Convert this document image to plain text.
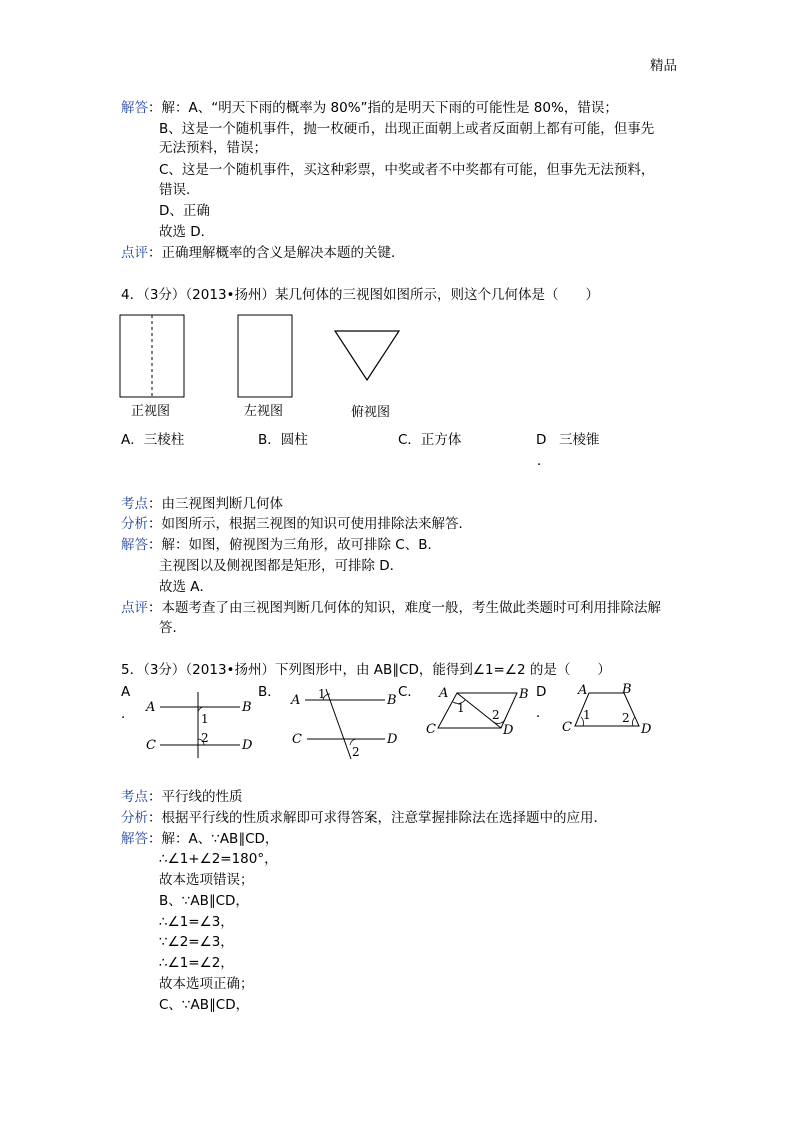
精品
解答：解：A、“明天下雨的概率为 80%”指的是明天下雨的可能性是 80%，错误；
B、这是一个随机事件，抛一枚硬币，出现正面朝上或者反面朝上都有可能，但事先
无法预料，错误；
C、这是一个随机事件，买这种彩票，中奖或者不中奖都有可能，但事先无法预料，
错误．
D、正确
故选 D．
点评：正确理解概率的含义是解决本题的关键．
4．（3分）（2013•扬州）某几何体的三视图如图所示，则这个几何体是（　　）
正视图	左视图	俯视图
A．三棱柱	B．圆柱	C．正方体	D 三棱锥
．
考点：由三视图判断几何体
分析：如图所示，根据三视图的知识可使用排除法来解答．
解答：解：如图，俯视图为三角形，故可排除 C、B．
主视图以及侧视图都是矩形，可排除 D．
故选 A．
点评：本题考查了由三视图判断几何体的知识，难度一般，考生做此类题时可利用排除法解
答．
5．（3分）（2013•扬州）下列图形中，由 AB∥CD，能得到∠1=∠2 的是（　　）
A
．
B．	C．	D
．
A	B
C	D
1
2
A	B
C	D
1
2
A	B
C	D
1 2
A	B
C	D
1	2
考点：平行线的性质
分析：根据平行线的性质求解即可求得答案，注意掌握排除法在选择题中的应用．
解答：解：A、∵AB∥CD，
∴∠1+∠2=180°，
故本选项错误；
B、∵AB∥CD，
∴∠1=∠3，
∵∠2=∠3，
∴∠1=∠2，
故本选项正确；
C、∵AB∥CD，
